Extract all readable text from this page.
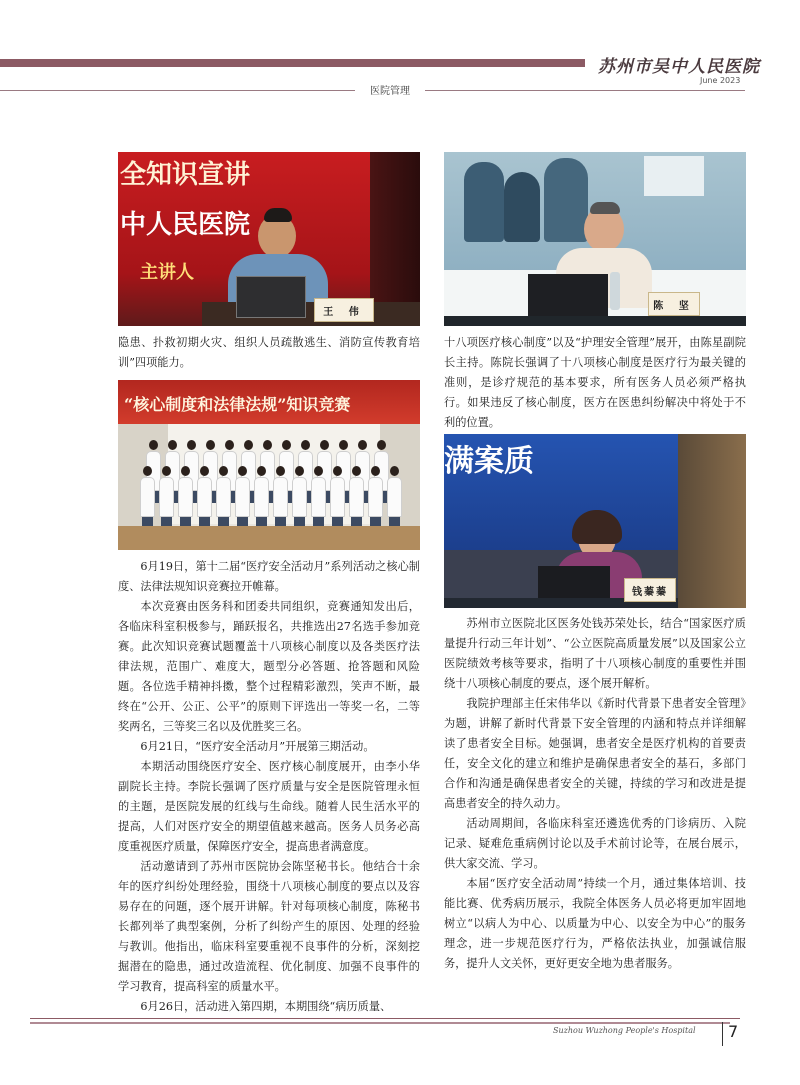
苏州市吴中人民医院
June 2023
医院管理
全知识宣讲
中人民医院
主讲人
王 伟
陈 坚
“核心制度和法律法规”知识竞赛
满案质
钱蓁蓁

隐患、扑救初期火灾、组织人员疏散逃生、消防宣传教育培训”四项能力。

6月19日，第十二届“医疗安全活动月”系列活动之核心制度、法律法规知识竞赛拉开帷幕。

本次竞赛由医务科和团委共同组织，竞赛通知发出后，各临床科室积极参与，踊跃报名，共推选出27名选手参加竞赛。此次知识竞赛试题覆盖十八项核心制度以及各类医疗法律法规，范围广、难度大，题型分必答题、抢答题和风险题。各位选手精神抖擞，整个过程精彩激烈，笑声不断，最终在“公开、公正、公平”的原则下评选出一等奖一名，二等奖两名，三等奖三名以及优胜奖三名。

6月21日，“医疗安全活动月”开展第三期活动。

本期活动围绕医疗安全、医疗核心制度展开，由李小华副院长主持。李院长强调了医疗质量与安全是医院管理永恒的主题，是医院发展的红线与生命线。随着人民生活水平的提高，人们对医疗安全的期望值越来越高。医务人员务必高度重视医疗质量，保障医疗安全，提高患者满意度。

活动邀请到了苏州市医院协会陈坚秘书长。他结合十余年的医疗纠纷处理经验，围绕十八项核心制度的要点以及容易存在的问题，逐个展开讲解。针对每项核心制度，陈秘书长都列举了典型案例，分析了纠纷产生的原因、处理的经验与教训。他指出，临床科室要重视不良事件的分析，深刻挖掘潜在的隐患，通过改造流程、优化制度、加强不良事件的学习教育，提高科室的质量水平。

6月26日，活动进入第四期，本期围绕“病历质量、

十八项医疗核心制度”以及“护理安全管理”展开，由陈星副院长主持。陈院长强调了十八项核心制度是医疗行为最关键的准则，是诊疗规范的基本要求，所有医务人员必须严格执行。如果违反了核心制度，医方在医患纠纷解决中将处于不利的位置。

苏州市立医院北区医务处钱苏荣处长，结合“国家医疗质量提升行动三年计划”、“公立医院高质量发展”以及国家公立医院绩效考核等要求，指明了十八项核心制度的重要性并围绕十八项核心制度的要点，逐个展开解析。

我院护理部主任宋伟华以《新时代背景下患者安全管理》为题，讲解了新时代背景下安全管理的内涵和特点并详细解读了患者安全目标。她强调，患者安全是医疗机构的首要责任，安全文化的建立和维护是确保患者安全的基石，多部门合作和沟通是确保患者安全的关键，持续的学习和改进是提高患者安全的持久动力。

活动周期间，各临床科室还遴选优秀的门诊病历、入院记录、疑难危重病例讨论以及手术前讨论等，在展台展示，供大家交流、学习。

本届“医疗安全活动周”持续一个月，通过集体培训、技能比赛、优秀病历展示，我院全体医务人员必将更加牢固地树立“以病人为中心、以质量为中心、以安全为中心”的服务理念，进一步规范医疗行为，严格依法执业，加强诚信服务，提升人文关怀，更好更安全地为患者服务。

Suzhou Wuzhong People's Hospital 7
